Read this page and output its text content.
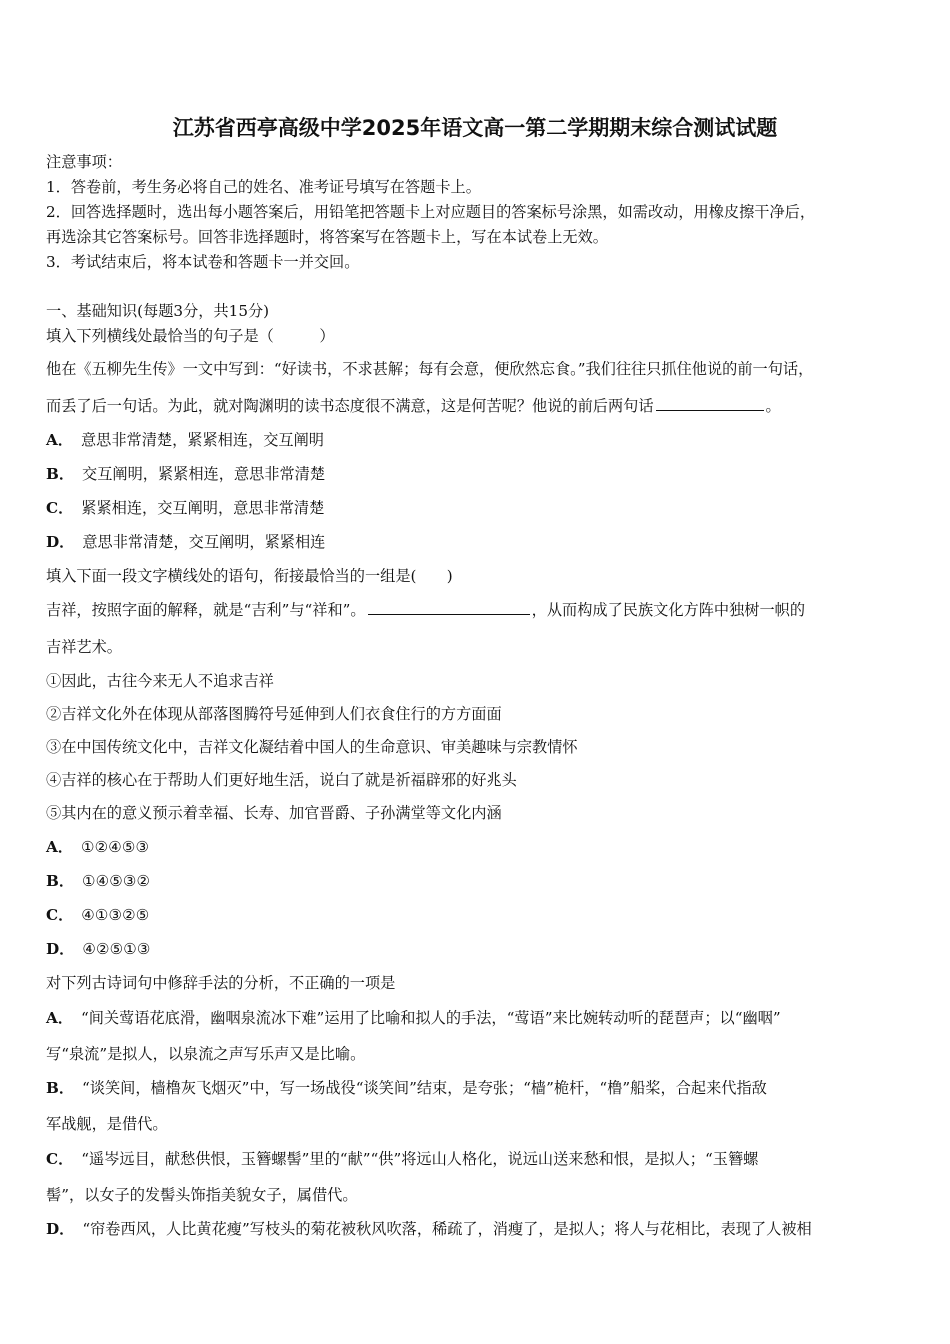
江苏省西亭高级中学2025年语文高一第二学期期末综合测试试题
注意事项：
1．答卷前，考生务必将自己的姓名、准考证号填写在答题卡上。
2．回答选择题时，选出每小题答案后，用铅笔把答题卡上对应题目的答案标号涂黑，如需改动，用橡皮擦干净后，
再选涂其它答案标号。回答非选择题时，将答案写在答题卡上，写在本试卷上无效。
3．考试结束后，将本试卷和答题卡一并交回。
一、基础知识(每题3分，共15分)
填入下列横线处最恰当的句子是（　　　）
他在《五柳先生传》一文中写到：“好读书，不求甚解；每有会意，便欣然忘食。”我们往往只抓住他说的前一句话，
而丢了后一句话。为此，就对陶渊明的读书态度很不满意，这是何苦呢？他说的前后两句话	。
A． 意思非常清楚，紧紧相连，交互阐明
B． 交互阐明，紧紧相连，意思非常清楚
C． 紧紧相连，交互阐明，意思非常清楚
D． 意思非常清楚，交互阐明，紧紧相连
填入下面一段文字横线处的语句，衔接最恰当的一组是(　　)
吉祥，按照字面的解释，就是“吉利”与“祥和”。	，从而构成了民族文化方阵中独树一帜的
吉祥艺术。
①因此，古往今来无人不追求吉祥
②吉祥文化外在体现从部落图腾符号延伸到人们衣食住行的方方面面
③在中国传统文化中，吉祥文化凝结着中国人的生命意识、审美趣味与宗教情怀
④吉祥的核心在于帮助人们更好地生活，说白了就是祈福辟邪的好兆头
⑤其内在的意义预示着幸福、长寿、加官晋爵、子孙满堂等文化内涵
A． ①②④⑤③
B． ①④⑤③②
C． ④①③②⑤
D． ④②⑤①③
对下列古诗词句中修辞手法的分析，不正确的一项是
A． “间关莺语花底滑，幽咽泉流冰下难”运用了比喻和拟人的手法，“莺语”来比婉转动听的琵琶声；以“幽咽”
写“泉流”是拟人，以泉流之声写乐声又是比喻。
B． “谈笑间，樯橹灰飞烟灭”中，写一场战役“谈笑间”结束，是夸张；“樯”桅杆，“橹”船桨，合起来代指敌
军战舰，是借代。
C． “遥岑远目，献愁供恨，玉簪螺髻”里的“献”“供”将远山人格化，说远山送来愁和恨，是拟人；“玉簪螺
髻”，以女子的发髻头饰指美貌女子，属借代。
D． “帘卷西风，人比黄花瘦”写枝头的菊花被秋风吹落，稀疏了，消瘦了，是拟人；将人与花相比，表现了人被相
